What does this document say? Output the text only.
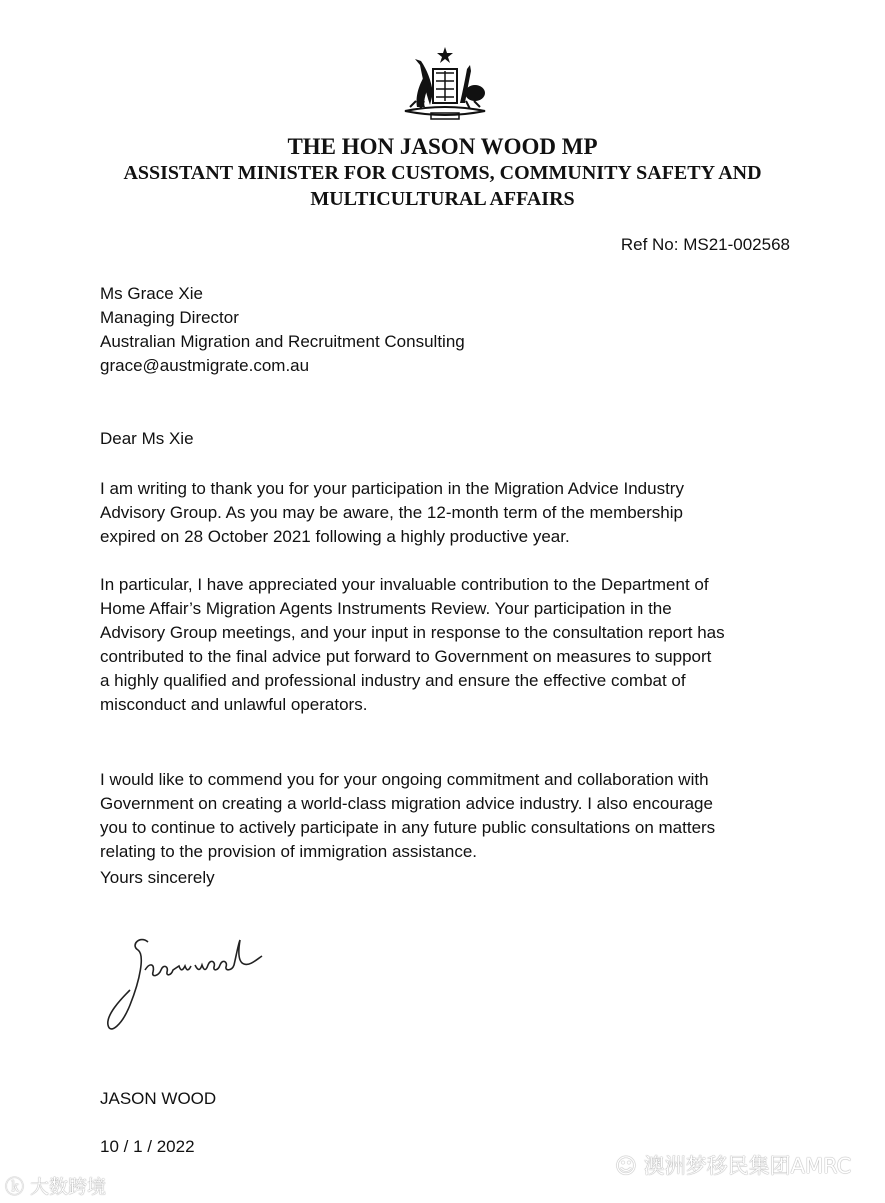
THE HON JASON WOOD MP
ASSISTANT MINISTER FOR CUSTOMS, COMMUNITY SAFETY AND
MULTICULTURAL AFFAIRS
Ref No: MS21-002568
Ms Grace Xie
Managing Director
Australian Migration and Recruitment Consulting
grace@austmigrate.com.au
Dear Ms Xie
I am writing to thank you for your participation in the Migration Advice Industry
Advisory Group. As you may be aware, the 12-month term of the membership
expired on 28 October 2021 following a highly productive year.
In particular, I have appreciated your invaluable contribution to the Department of
Home Affair’s Migration Agents Instruments Review. Your participation in the
Advisory Group meetings, and your input in response to the consultation report has
contributed to the final advice put forward to Government on measures to support
a highly qualified and professional industry and ensure the effective combat of
misconduct and unlawful operators.
I would like to commend you for your ongoing commitment and collaboration with
Government on creating a world-class migration advice industry. I also encourage
you to continue to actively participate in any future public consultations on matters
relating to the provision of immigration assistance.
Yours sincerely
JASON WOOD
10 / 1 / 2022
ⓚ 大数跨境
☺ 澳洲梦移民集团AMRC
